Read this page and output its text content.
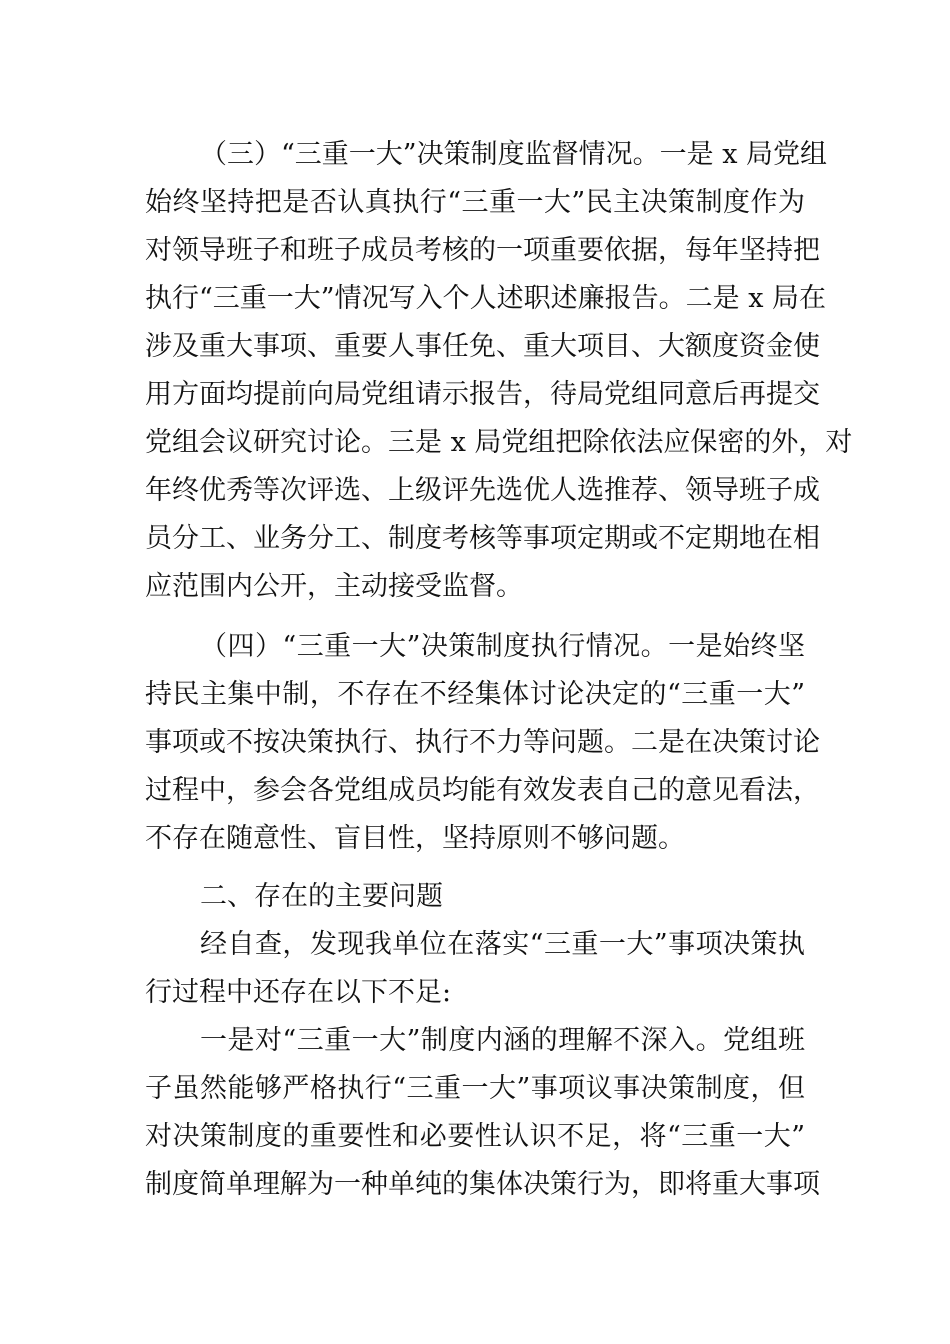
（三）“三重一大”决策制度监督情况。一是 x 局党组
始终坚持把是否认真执行“三重一大”民主决策制度作为
对领导班子和班子成员考核的一项重要依据，每年坚持把
执行“三重一大”情况写入个人述职述廉报告。二是 x 局在
涉及重大事项、重要人事任免、重大项目、大额度资金使
用方面均提前向局党组请示报告，待局党组同意后再提交
党组会议研究讨论。三是 x 局党组把除依法应保密的外，对
年终优秀等次评选、上级评先选优人选推荐、领导班子成
员分工、业务分工、制度考核等事项定期或不定期地在相
应范围内公开，主动接受监督。
（四）“三重一大”决策制度执行情况。一是始终坚
持民主集中制，不存在不经集体讨论决定的“三重一大”
事项或不按决策执行、执行不力等问题。二是在决策讨论
过程中，参会各党组成员均能有效发表自己的意见看法，
不存在随意性、盲目性，坚持原则不够问题。
二、存在的主要问题
经自查，发现我单位在落实“三重一大”事项决策执
行过程中还存在以下不足:
一是对“三重一大”制度内涵的理解不深入。党组班
子虽然能够严格执行“三重一大”事项议事决策制度，但
对决策制度的重要性和必要性认识不足，将“三重一大”
制度简单理解为一种单纯的集体决策行为，即将重大事项
